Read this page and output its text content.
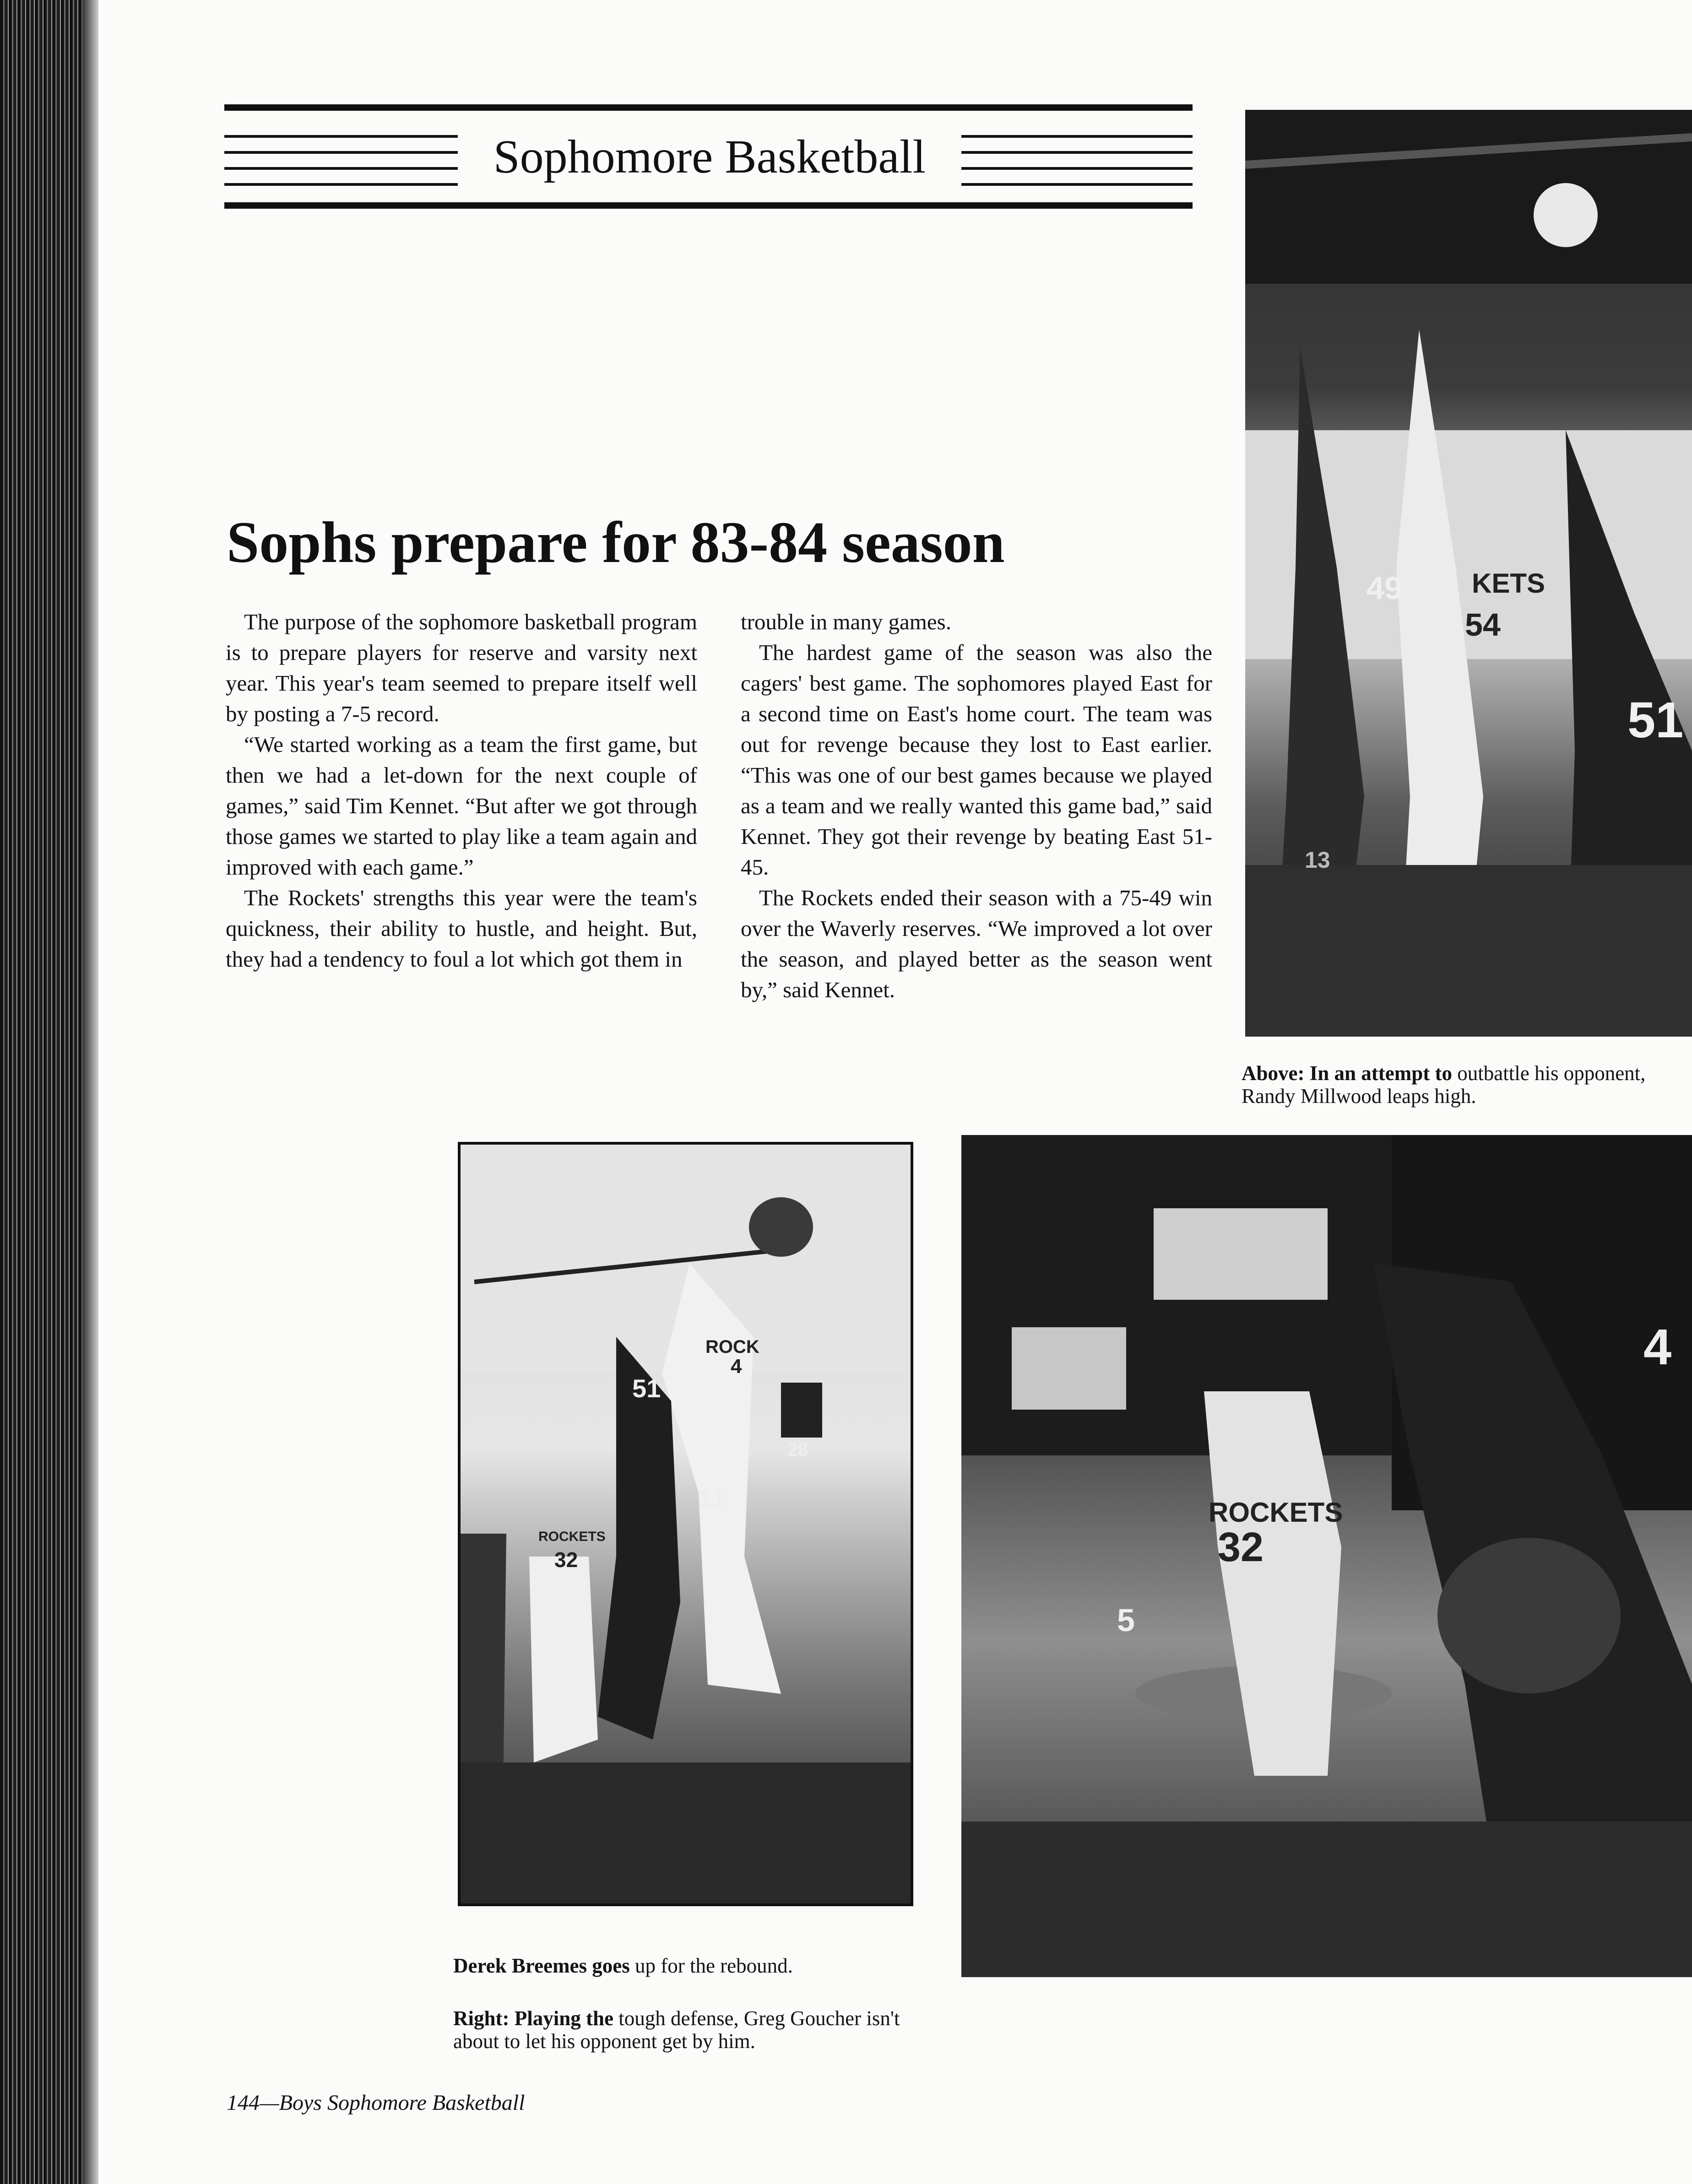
Sophomore Basketball
Sophs prepare for 83-84 season

The purpose of the sophomore basketball program is to prepare players for reserve and varsity next year. This year's team seemed to prepare itself well by posting a 7-5 record.

“We started working as a team the first game, but then we had a let-down for the next couple of games,” said Tim Kennet. “But after we got through those games we started to play like a team again and improved with each game.”

The Rockets' strengths this year were the team's quickness, their ability to hustle, and height. But, they had a tendency to foul a lot which got them in

trouble in many games.

The hardest game of the season was also the cagers' best game. The sophomores played East for a second time on East's home court. The team was out for revenge because they lost to East earlier. “This was one of our best games because we played as a team and we really wanted this game bad,” said Kennet. They got their revenge by beating East 51-45.

The Rockets ended their season with a 75-49 win over the Waverly reserves. “We improved a lot over the season, and played better as the season went by,” said Kennet.

49	KETS
54
51
13
Above: In an attempt to outbattle his opponent, Randy Millwood leaps high.
ROCK
4
51
ROCKETS
32
11
28
ROCKETS
32
5
4
Derek Breemes goes up for the rebound.
Right: Playing the tough defense, Greg Goucher isn't about to let his opponent get by him.
144—Boys Sophomore Basketball
